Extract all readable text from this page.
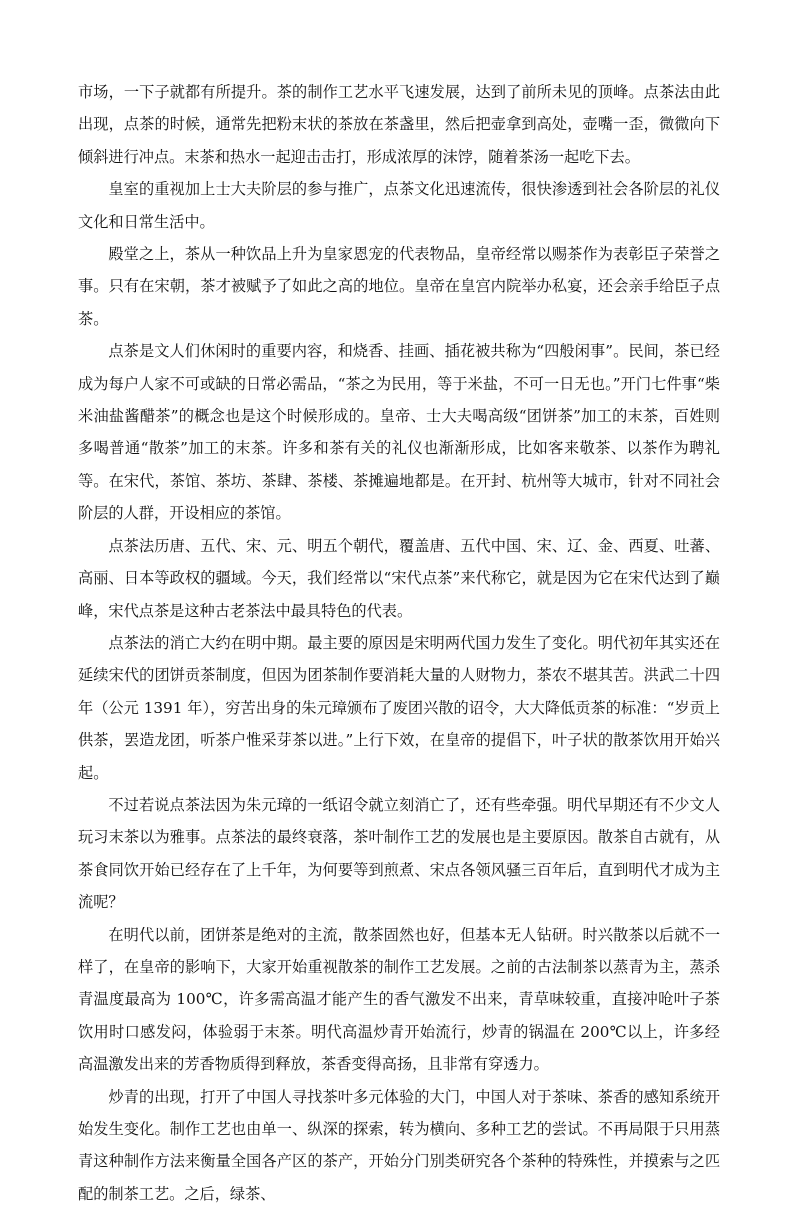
市场，一下子就都有所提升。茶的制作工艺水平飞速发展，达到了前所未见的顶峰。点茶法由此出现，点茶的时候，通常先把粉末状的茶放在茶盏里，然后把壶拿到高处，壶嘴一歪，微微向下倾斜进行冲点。末茶和热水一起迎击击打，形成浓厚的沫饽，随着茶汤一起吃下去。

皇室的重视加上士大夫阶层的参与推广，点茶文化迅速流传，很快渗透到社会各阶层的礼仪文化和日常生活中。

殿堂之上，茶从一种饮品上升为皇家恩宠的代表物品，皇帝经常以赐茶作为表彰臣子荣誉之事。只有在宋朝，茶才被赋予了如此之高的地位。皇帝在皇宫内院举办私宴，还会亲手给臣子点茶。

点茶是文人们休闲时的重要内容，和烧香、挂画、插花被共称为“四般闲事”。民间，茶已经成为每户人家不可或缺的日常必需品，“茶之为民用，等于米盐，不可一日无也。”开门七件事“柴米油盐酱醋茶”的概念也是这个时候形成的。皇帝、士大夫喝高级“团饼茶”加工的末茶，百姓则多喝普通“散茶”加工的末茶。许多和茶有关的礼仪也渐渐形成，比如客来敬茶、以茶作为聘礼等。在宋代，茶馆、茶坊、茶肆、茶楼、茶摊遍地都是。在开封、杭州等大城市，针对不同社会阶层的人群，开设相应的茶馆。

点茶法历唐、五代、宋、元、明五个朝代，覆盖唐、五代中国、宋、辽、金、西夏、吐蕃、高丽、日本等政权的疆域。今天，我们经常以“宋代点茶”来代称它，就是因为它在宋代达到了巅峰，宋代点茶是这种古老茶法中最具特色的代表。

点茶法的消亡大约在明中期。最主要的原因是宋明两代国力发生了变化。明代初年其实还在延续宋代的团饼贡茶制度，但因为团茶制作要消耗大量的人财物力，茶农不堪其苦。洪武二十四年（公元 1391 年），穷苦出身的朱元璋颁布了废团兴散的诏令，大大降低贡茶的标准：“岁贡上供茶，罢造龙团，听茶户惟采芽茶以进。”上行下效，在皇帝的提倡下，叶子状的散茶饮用开始兴起。

不过若说点茶法因为朱元璋的一纸诏令就立刻消亡了，还有些牵强。明代早期还有不少文人玩习末茶以为雅事。点茶法的最终衰落，茶叶制作工艺的发展也是主要原因。散茶自古就有，从茶食同饮开始已经存在了上千年，为何要等到煎煮、宋点各领风骚三百年后，直到明代才成为主流呢？

在明代以前，团饼茶是绝对的主流，散茶固然也好，但基本无人钻研。时兴散茶以后就不一样了，在皇帝的影响下，大家开始重视散茶的制作工艺发展。之前的古法制茶以蒸青为主，蒸杀青温度最高为 100℃，许多需高温才能产生的香气激发不出来，青草味较重，直接冲呛叶子茶饮用时口感发闷，体验弱于末茶。明代高温炒青开始流行，炒青的锅温在 200℃以上，许多经高温激发出来的芳香物质得到释放，茶香变得高扬，且非常有穿透力。

炒青的出现，打开了中国人寻找茶叶多元体验的大门，中国人对于茶味、茶香的感知系统开始发生变化。制作工艺也由单一、纵深的探索，转为横向、多种工艺的尝试。不再局限于只用蒸青这种制作方法来衡量全国各产区的茶产，开始分门别类研究各个茶种的特殊性，并摸索与之匹配的制茶工艺。之后，绿茶、
